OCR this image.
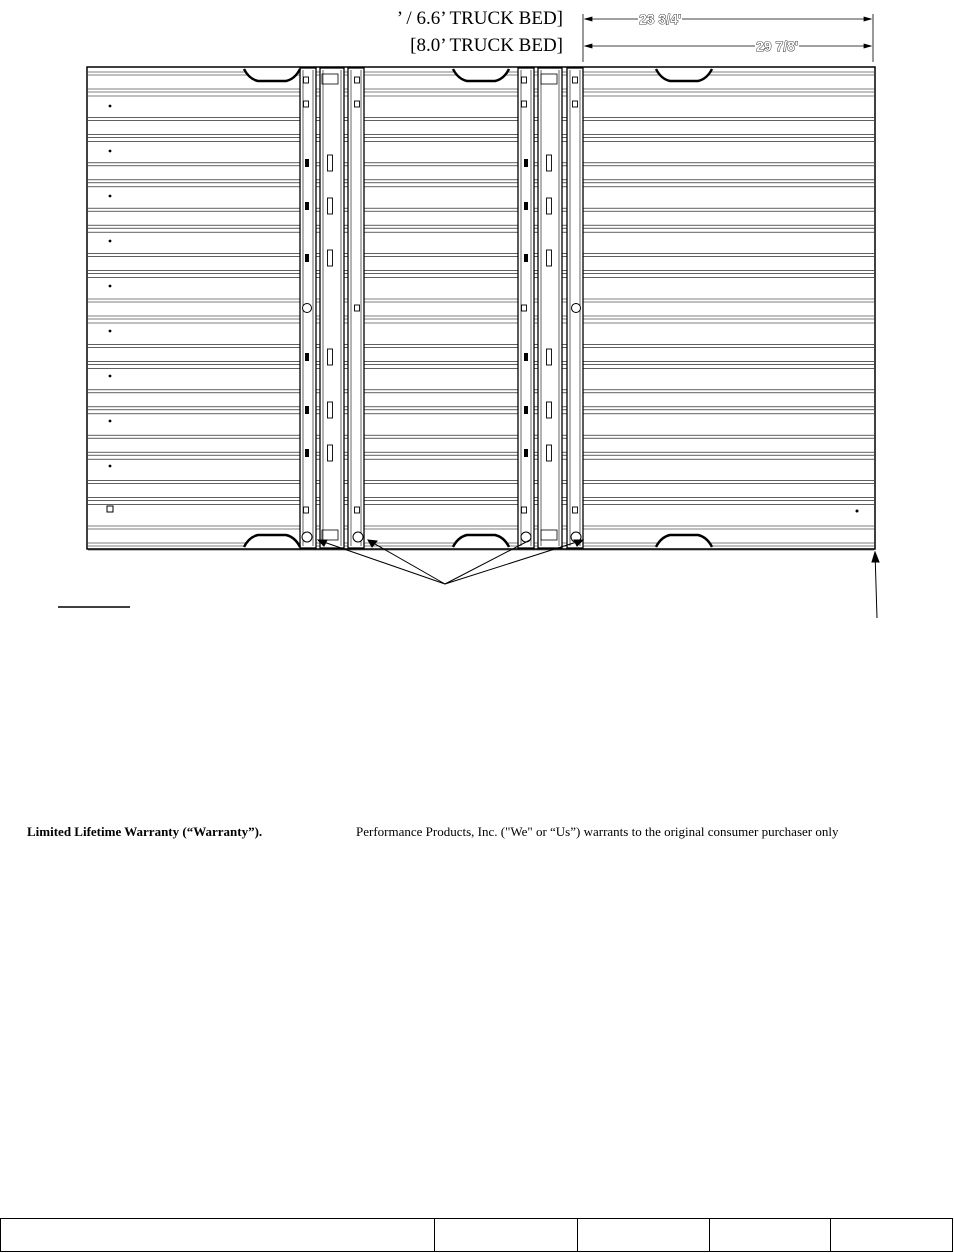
’ / 6.6’ TRUCK BED]
[8.0’ TRUCK BED]
23 3/4'
29 7/8'
Limited Lifetime Warranty (“Warranty”).	Performance Products, Inc. ("We" or “Us”) warrants to the original consumer purchaser only
